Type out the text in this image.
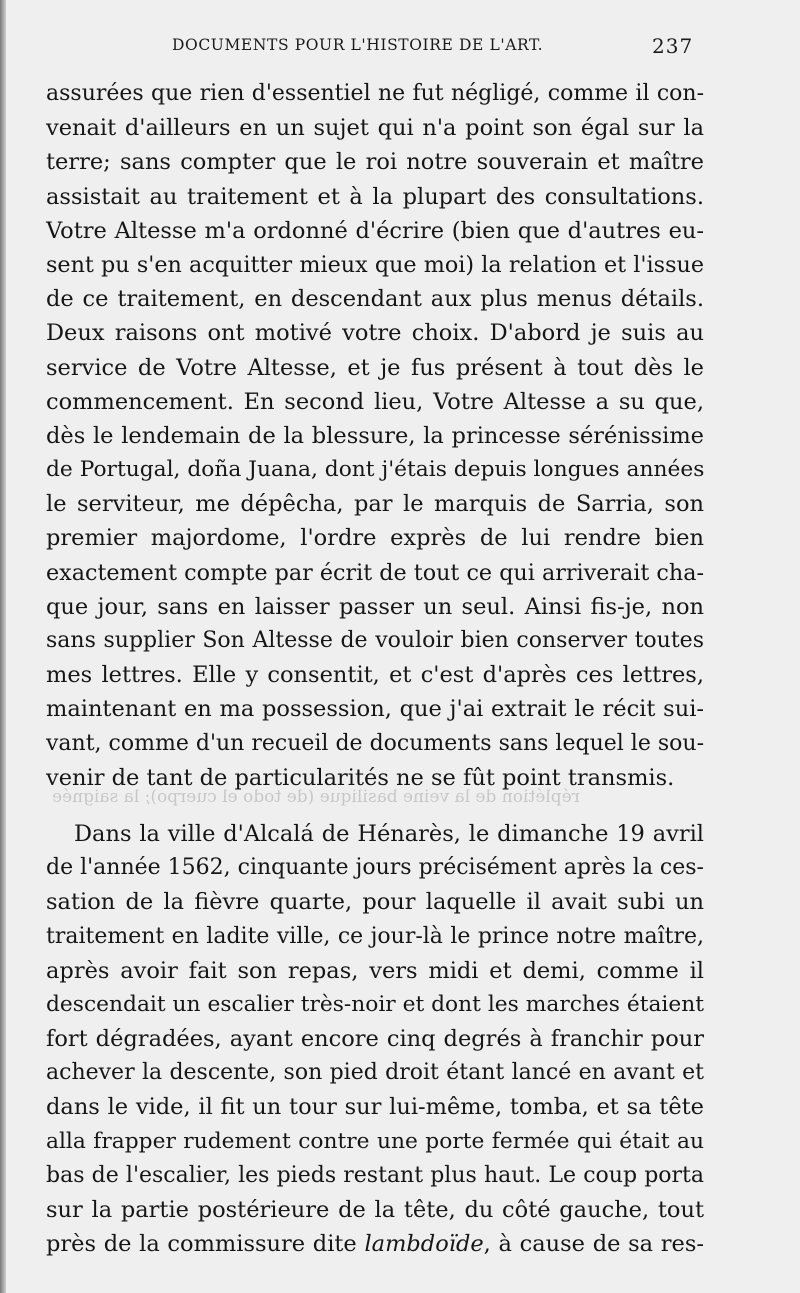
réplétion de la veine basilique (de todo el cuerpo); la saignée
DOCUMENTS POUR L'HISTOIRE DE L'ART.	237
assurées que rien d'essentiel ne fut négligé, comme il con-
venait d'ailleurs en un sujet qui n'a point son égal sur la
terre; sans compter que le roi notre souverain et maître
assistait au traitement et à la plupart des consultations.
Votre Altesse m'a ordonné d'écrire (bien que d'autres eu-
sent pu s'en acquitter mieux que moi) la relation et l'issue
de ce traitement, en descendant aux plus menus détails.
Deux raisons ont motivé votre choix. D'abord je suis au
service de Votre Altesse, et je fus présent à tout dès le
commencement. En second lieu, Votre Altesse a su que,
dès le lendemain de la blessure, la princesse sérénissime
de Portugal, doña Juana, dont j'étais depuis longues années
le serviteur, me dépêcha, par le marquis de Sarria, son
premier majordome, l'ordre exprès de lui rendre bien
exactement compte par écrit de tout ce qui arriverait cha-
que jour, sans en laisser passer un seul. Ainsi fis-je, non
sans supplier Son Altesse de vouloir bien conserver toutes
mes lettres. Elle y consentit, et c'est d'après ces lettres,
maintenant en ma possession, que j'ai extrait le récit sui-
vant, comme d'un recueil de documents sans lequel le sou-
venir de tant de particularités ne se fût point transmis.
Dans la ville d'Alcalá de Hénarès, le dimanche 19 avril
de l'année 1562, cinquante jours précisément après la ces-
sation de la fièvre quarte, pour laquelle il avait subi un
traitement en ladite ville, ce jour-là le prince notre maître,
après avoir fait son repas, vers midi et demi, comme il
descendait un escalier très-noir et dont les marches étaient
fort dégradées, ayant encore cinq degrés à franchir pour
achever la descente, son pied droit étant lancé en avant et
dans le vide, il fit un tour sur lui-même, tomba, et sa tête
alla frapper rudement contre une porte fermée qui était au
bas de l'escalier, les pieds restant plus haut. Le coup porta
sur la partie postérieure de la tête, du côté gauche, tout
près de la commissure dite lambdoïde, à cause de sa res-
